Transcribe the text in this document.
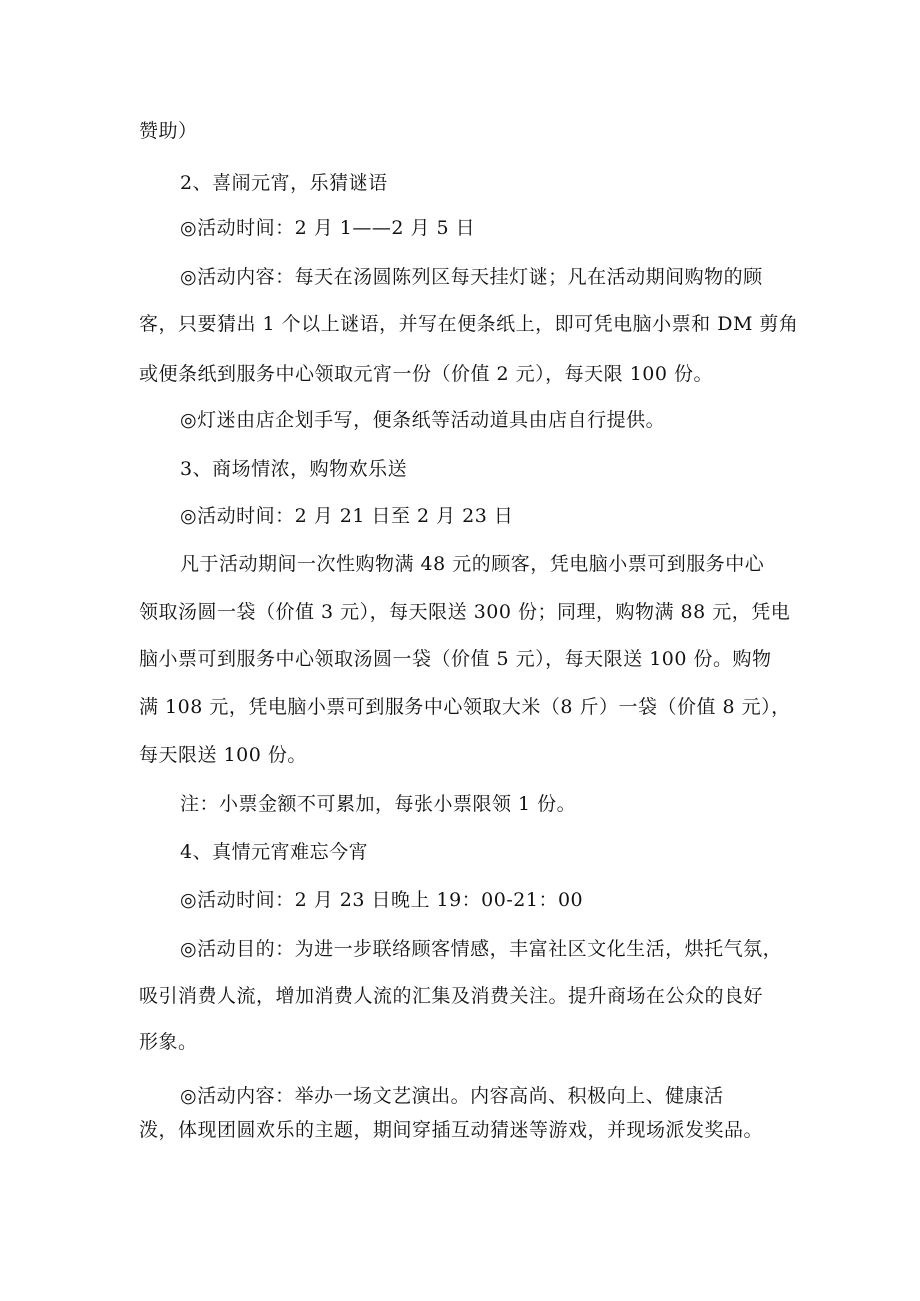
赞助）
2、喜闹元宵，乐猜谜语
◎活动时间：2 月 1——2 月 5 日
◎活动内容：每天在汤圆陈列区每天挂灯谜；凡在活动期间购物的顾
客，只要猜出 1 个以上谜语，并写在便条纸上，即可凭电脑小票和 DM 剪角
或便条纸到服务中心领取元宵一份（价值 2 元），每天限 100 份。
◎灯迷由店企划手写，便条纸等活动道具由店自行提供。
3、商场情浓，购物欢乐送
◎活动时间：2 月 21 日至 2 月 23 日
凡于活动期间一次性购物满 48 元的顾客，凭电脑小票可到服务中心
领取汤圆一袋（价值 3 元），每天限送 300 份；同理，购物满 88 元，凭电
脑小票可到服务中心领取汤圆一袋（价值 5 元），每天限送 100 份。购物
满 108 元，凭电脑小票可到服务中心领取大米（8 斤）一袋（价值 8 元），
每天限送 100 份。
注：小票金额不可累加，每张小票限领 1 份。
4、真情元宵难忘今宵
◎活动时间：2 月 23 日晚上 19：00-21：00
◎活动目的：为进一步联络顾客情感，丰富社区文化生活，烘托气氛，
吸引消费人流，增加消费人流的汇集及消费关注。提升商场在公众的良好
形象。
◎活动内容：举办一场文艺演出。内容高尚、积极向上、健康活
泼，体现团圆欢乐的主题，期间穿插互动猜迷等游戏，并现场派发奖品。
